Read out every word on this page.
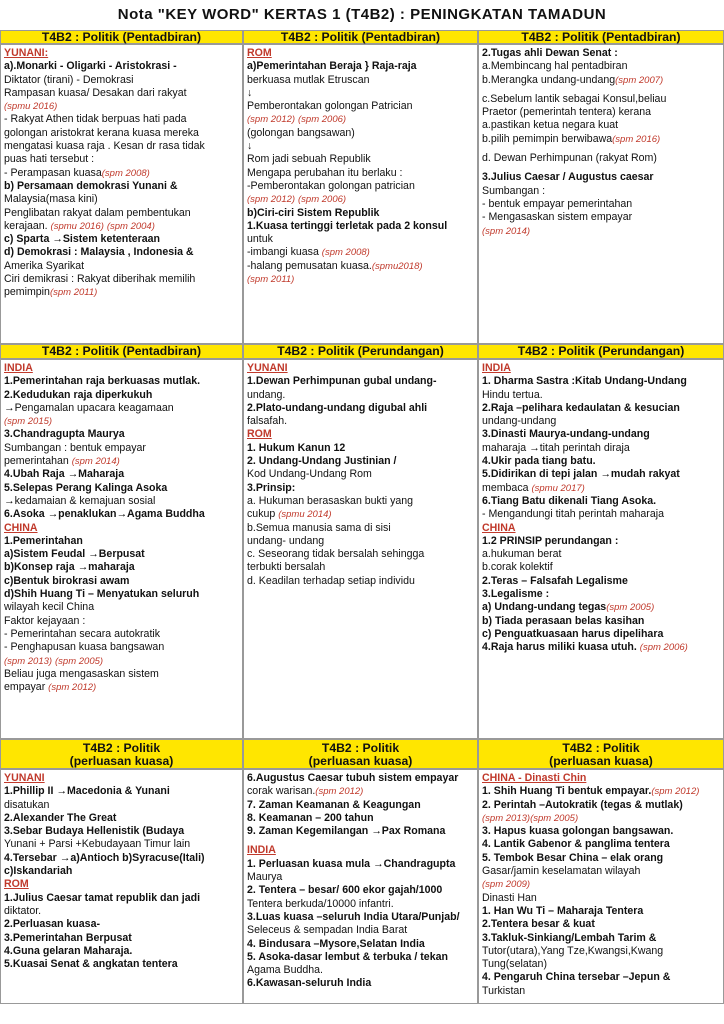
Nota "KEY WORD" KERTAS 1 (T4B2) : PENINGKATAN TAMADUN
T4B2 : Politik (Pentadbiran)	T4B2 : Politik (Pentadbiran)	T4B2 : Politik (Pentadbiran)
YUNANI:
a).Monarki - Oligarki - Aristokrasi -
Diktator (tirani) - Demokrasi
Rampasan kuasa/ Desakan dari rakyat
(spmu 2016)
- Rakyat Athen tidak berpuas hati pada
golongan aristokrat kerana kuasa mereka
mengatasi kuasa raja . Kesan dr rasa tidak
puas hati tersebut :
- Perampasan kuasa(spm 2008)
b) Persamaan demokrasi Yunani &
Malaysia(masa kini)
Penglibatan rakyat dalam pembentukan
kerajaan. (spmu 2016) (spm 2004)
c) Sparta →Sistem ketenteraan
d) Demokrasi : Malaysia , Indonesia &
Amerika Syarikat
Ciri demikrasi : Rakyat diberihak memilih
pemimpin(spm 2011)
ROM
a)Pemerintahan Beraja } Raja-raja
berkuasa mutlak Etruscan
↓
Pemberontakan golongan Patrician
(spm 2012) (spm 2006)
(golongan bangsawan)
↓
Rom jadi sebuah Republik
Mengapa perubahan itu berlaku :
-Pemberontakan golongan patrician
(spm 2012) (spm 2006)
b)Ciri-ciri Sistem Republik
1.Kuasa tertinggi terletak pada 2 konsul
untuk
-imbangi kuasa (spm 2008)
-halang pemusatan kuasa.(spmu2018)
(spm 2011)
2.Tugas ahli Dewan Senat :
a.Membincang hal pentadbiran
b.Merangka undang-undang(spm 2007)
c.Sebelum lantik sebagai Konsul,beliau
Praetor (pemerintah tentera) kerana
a.pastikan ketua negara kuat
b.pilih pemimpin berwibawa(spm 2016)
d. Dewan Perhimpunan (rakyat Rom)
3.Julius Caesar / Augustus caesar
Sumbangan :
- bentuk empayar pemerintahan
- Mengasaskan sistem empayar
(spm 2014)
T4B2 : Politik (Pentadbiran)	T4B2 : Politik (Perundangan)	T4B2 : Politik (Perundangan)
INDIA
1.Pemerintahan raja berkuasas mutlak.
2.Kedudukan raja diperkukuh
→Pengamalan upacara keagamaan
(spm 2015)
3.Chandragupta Maurya
Sumbangan : bentuk empayar
pemerintahan (spm 2014)
4.Ubah Raja →Maharaja
5.Selepas Perang Kalinga Asoka
→kedamaian & kemajuan sosial
6.Asoka →penaklukan→Agama Buddha
CHINA
1.Pemerintahan
a)Sistem Feudal →Berpusat
b)Konsep raja →maharaja
c)Bentuk birokrasi awam
d)Shih Huang Ti – Menyatukan seluruh
wilayah kecil China
Faktor kejayaan :
- Pemerintahan secara autokratik
- Penghapusan kuasa bangsawan
(spm 2013) (spm 2005)
Beliau juga mengasaskan sistem
empayar (spm 2012)
YUNANI
1.Dewan Perhimpunan gubal undang-
undang.
2.Plato-undang-undang digubal ahli
falsafah.
ROM
1. Hukum Kanun 12
2. Undang-Undang Justinian /
Kod Undang-Undang Rom
3.Prinsip:
a. Hukuman berasaskan bukti yang
cukup (spmu 2014)
b.Semua manusia sama di sisi
undang- undang
c. Seseorang tidak bersalah sehingga
terbukti bersalah
d. Keadilan terhadap setiap individu
INDIA
1. Dharma Sastra :Kitab Undang-Undang
Hindu tertua.
2.Raja –pelihara kedaulatan & kesucian
undang-undang
3.Dinasti Maurya-undang-undang
maharaja →titah perintah diraja
4.Ukir pada tiang batu.
5.Didirikan di tepi jalan →mudah rakyat
membaca (spmu 2017)
6.Tiang Batu dikenali Tiang Asoka.
- Mengandungi titah perintah maharaja
CHINA
1.2 PRINSIP perundangan :
a.hukuman berat
b.corak kolektif
2.Teras – Falsafah Legalisme
3.Legalisme :
a) Undang-undang tegas(spm 2005)
b) Tiada perasaan belas kasihan
c) Penguatkuasaan harus dipelihara
4.Raja harus miliki kuasa utuh. (spm 2006)
T4B2 : Politik
(perluasan kuasa)
T4B2 : Politik
(perluasan kuasa)
T4B2 : Politik
(perluasan kuasa)
YUNANI
1.Phillip II →Macedonia & Yunani
disatukan
2.Alexander The Great
3.Sebar Budaya Hellenistik (Budaya
Yunani + Parsi +Kebudayaan Timur lain
4.Tersebar →a)Antioch b)Syracuse(Itali)
c)Iskandariah
ROM
1.Julius Caesar tamat republik dan jadi
diktator.
2.Perluasan kuasa-
3.Pemerintahan Berpusat
4.Guna gelaran Maharaja.
5.Kuasai Senat & angkatan tentera
6.Augustus Caesar tubuh sistem empayar
corak warisan.(spm 2012)
7. Zaman Keamanan & Keagungan
8. Keamanan – 200 tahun
9. Zaman Kegemilangan →Pax Romana
INDIA
1. Perluasan kuasa mula →Chandragupta
Maurya
2. Tentera – besar/ 600 ekor gajah/1000
Tentera berkuda/10000 infantri.
3.Luas kuasa –seluruh India Utara/Punjab/
Seleceus & sempadan India Barat
4. Bindusara –Mysore,Selatan India
5. Asoka-dasar lembut & terbuka / tekan
Agama Buddha.
6.Kawasan-seluruh India
CHINA - Dinasti Chin
1. Shih Huang Ti bentuk empayar.(spm 2012)
2. Perintah –Autokratik (tegas & mutlak)
(spm 2013)(spm 2005)
3. Hapus kuasa golongan bangsawan.
4. Lantik Gabenor & panglima tentera
5. Tembok Besar China – elak orang
Gasar/jamin keselamatan wilayah
(spm 2009)
Dinasti Han
1. Han Wu Ti – Maharaja Tentera
2.Tentera besar & kuat
3.Takluk-Sinkiang/Lembah Tarim &
Tutor(utara),Yang Tze,Kwangsi,Kwang
Tung(selatan)
4. Pengaruh China tersebar –Jepun &
Turkistan
